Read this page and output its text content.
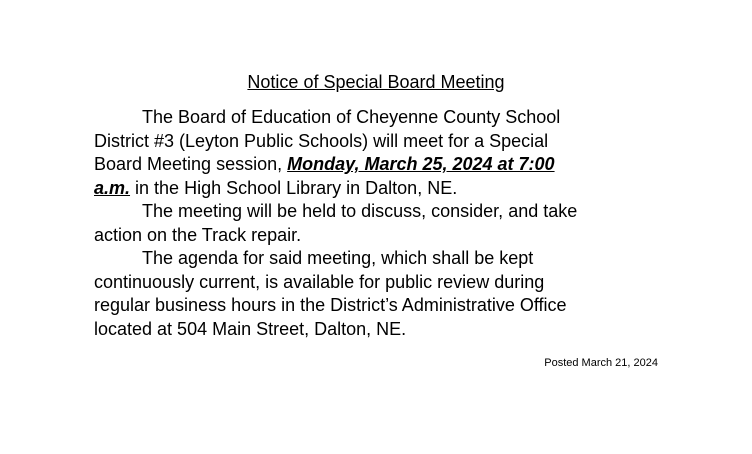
Notice of Special Board Meeting

The Board of Education of Cheyenne County School
District #3 (Leyton Public Schools) will meet for a Special
Board Meeting session, Monday, March 25, 2024 at 7:00
a.m. in the High School Library in Dalton, NE.

The meeting will be held to discuss, consider, and take
action on the Track repair.

The agenda for said meeting, which shall be kept
continuously current, is available for public review during
regular business hours in the District’s Administrative Office
located at 504 Main Street, Dalton, NE.

Posted March 21, 2024
